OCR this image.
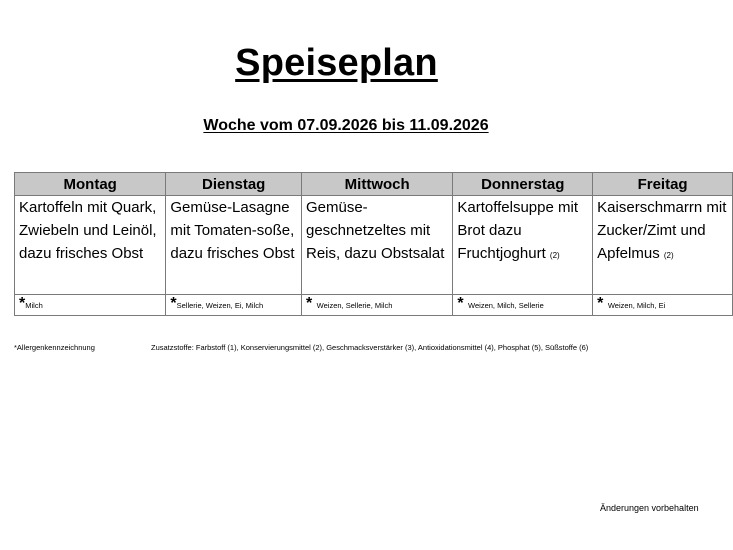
Speiseplan
Woche vom 07.09.2026 bis 11.09.2026
Montag	Dienstag	Mittwoch	Donnerstag	Freitag
Kartoffeln mit Quark, Zwiebeln und Leinöl, dazu frisches Obst	Gemüse-Lasagne mit Tomaten-soße, dazu frisches Obst	Gemüse-geschnetzeltes mit Reis, dazu Obstsalat	Kartoffelsuppe mit Brot dazu Fruchtjoghurt (2)	Kaiserschmarrn mit Zucker/Zimt und Apfelmus (2)
*Milch	*Sellerie, Weizen, Ei, Milch	* Weizen, Sellerie, Milch	* Weizen, Milch, Sellerie	* Weizen, Milch, Ei
*Allergenkennzeichnung	Zusatzstoffe: Farbstoff (1), Konservierungsmittel (2), Geschmacksverstärker (3), Antioxidationsmittel (4), Phosphat (5), Süßstoffe (6)
Änderungen vorbehalten
